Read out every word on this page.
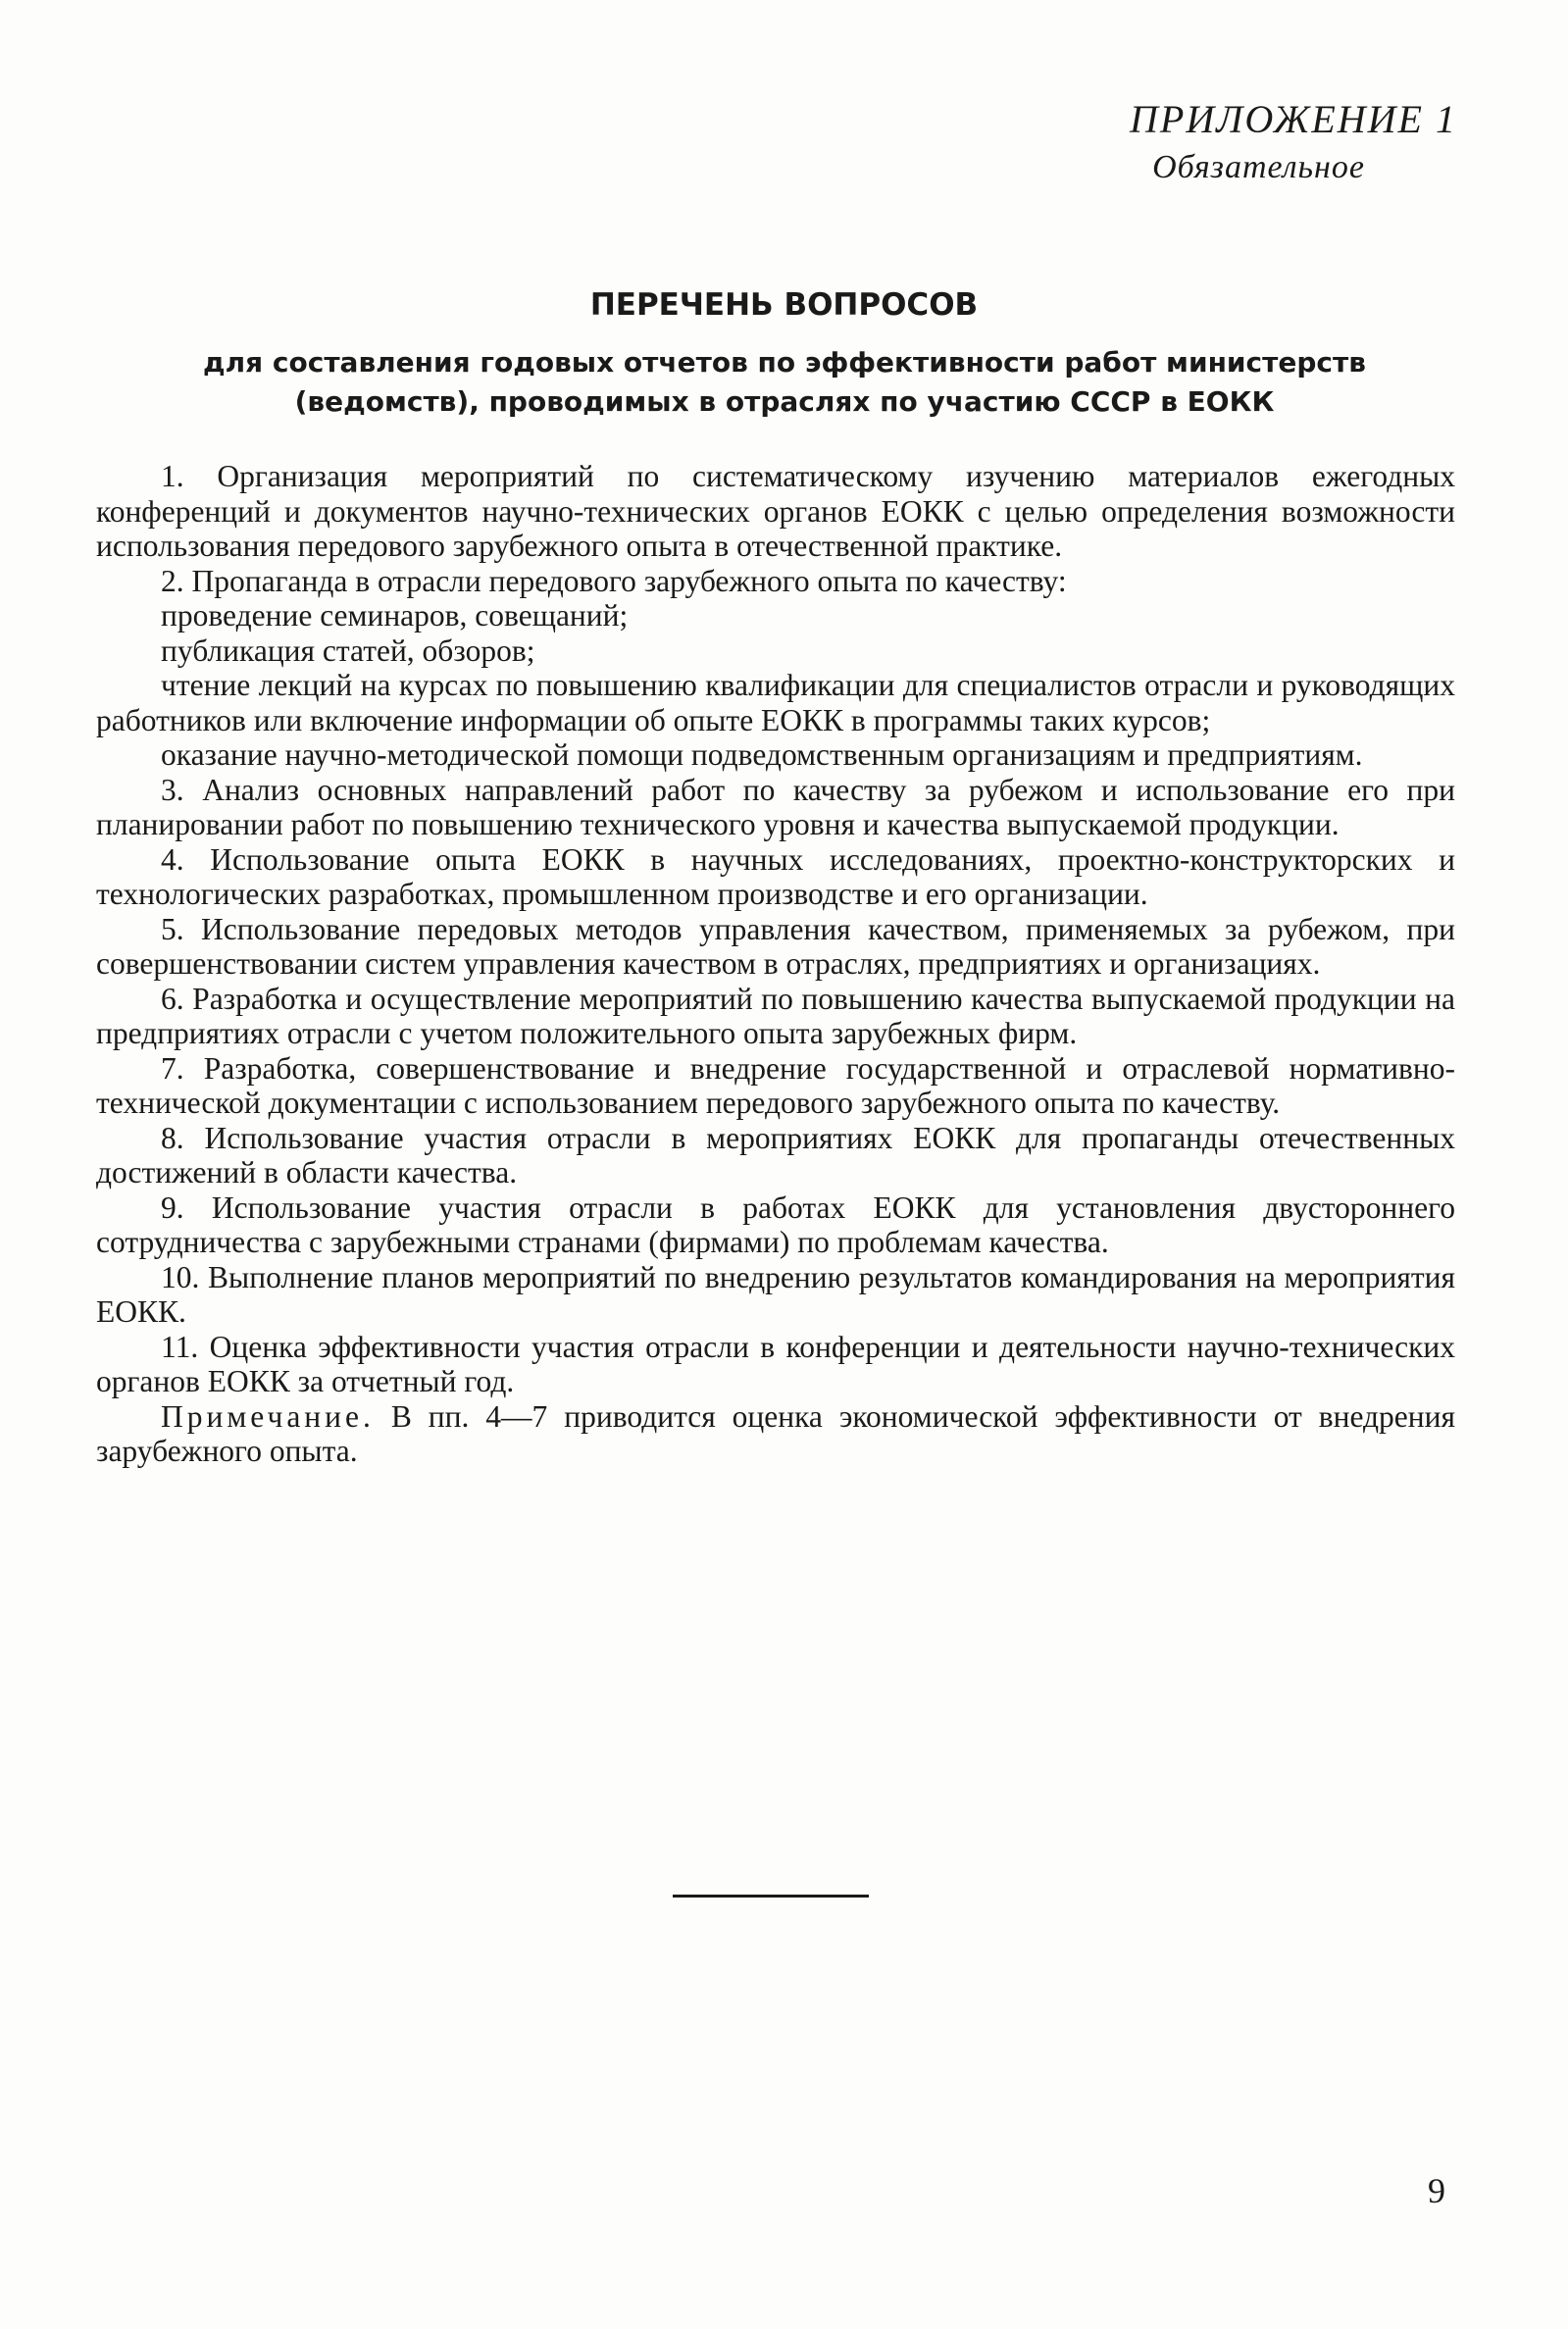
ПРИЛОЖЕНИЕ 1
Обязательное
ПЕРЕЧЕНЬ ВОПРОСОВ
для составления годовых отчетов по эффективности работ министерств
(ведомств), проводимых в отраслях по участию СССР в ЕОКК

1. Организация мероприятий по систематическому изучению материалов ежегодных конференций и документов научно-технических органов ЕОКК с целью определения возможности использования передового зарубежного опыта в отечественной практике.

2. Пропаганда в отрасли передового зарубежного опыта по качеству:

проведение семинаров, совещаний;

публикация статей, обзоров;

чтение лекций на курсах по повышению квалификации для специалистов отрасли и руководящих работников или включение информации об опыте ЕОКК в программы таких курсов;

оказание научно-методической помощи подведомственным организациям и предприятиям.

3. Анализ основных направлений работ по качеству за рубежом и использование его при планировании работ по повышению технического уровня и качества выпускаемой продукции.

4. Использование опыта ЕОКК в научных исследованиях, проектно-конструкторских и технологических разработках, промышленном производстве и его организации.

5. Использование передовых методов управления качеством, применяемых за рубежом, при совершенствовании систем управления качеством в отраслях, предприятиях и организациях.

6. Разработка и осуществление мероприятий по повышению качества выпускаемой продукции на предприятиях отрасли с учетом положительного опыта зарубежных фирм.

7. Разработка, совершенствование и внедрение государственной и отраслевой нормативно-технической документации с использованием передового зарубежного опыта по качеству.

8. Использование участия отрасли в мероприятиях ЕОКК для пропаганды отечественных достижений в области качества.

9. Использование участия отрасли в работах ЕОКК для установления двустороннего сотрудничества с зарубежными странами (фирмами) по проблемам качества.

10. Выполнение планов мероприятий по внедрению результатов командирования на мероприятия ЕОКК.

11. Оценка эффективности участия отрасли в конференции и деятельности научно-технических органов ЕОКК за отчетный год.

Примечание. В пп. 4—7 приводится оценка экономической эффективности от внедрения зарубежного опыта.

9
